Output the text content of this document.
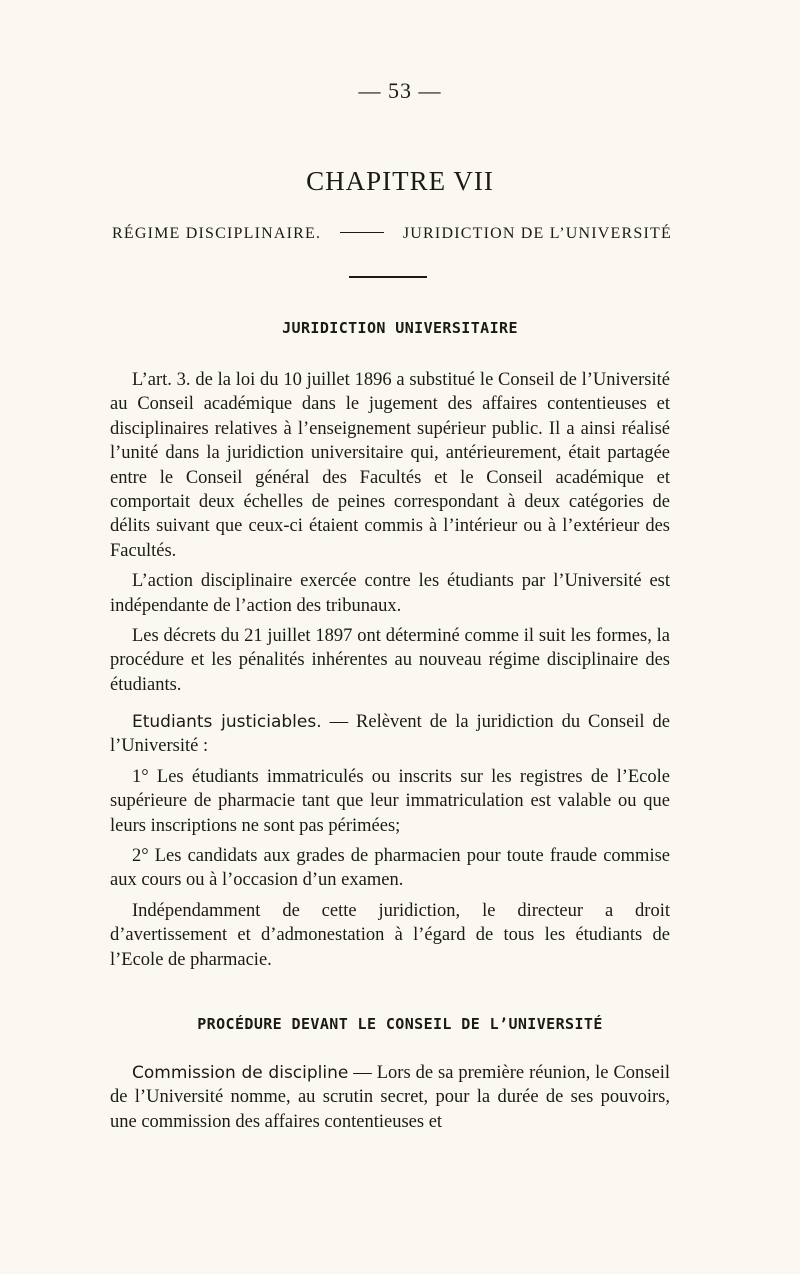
— 53 —
CHAPITRE VII
RÉGIME DISCIPLINAIRE.	JURIDICTION DE L’UNIVERSITÉ
JURIDICTION UNIVERSITAIRE

L’art. 3. de la loi du 10 juillet 1896 a substitué le Conseil de l’Université au Conseil académique dans le jugement des affaires contentieuses et disciplinaires relatives à l’enseignement supérieur public. Il a ainsi réalisé l’unité dans la juridiction universitaire qui, antérieurement, était partagée entre le Conseil général des Facultés et le Conseil académique et comportait deux échelles de peines correspondant à deux catégories de délits suivant que ceux-ci étaient commis à l’intérieur ou à l’extérieur des Facultés.

L’action disciplinaire exercée contre les étudiants par l’Université est indépendante de l’action des tribunaux.

Les décrets du 21 juillet 1897 ont déterminé comme il suit les formes, la procédure et les pénalités inhérentes au nouveau régime disciplinaire des étudiants.

Etudiants justiciables. — Relèvent de la juridiction du Conseil de l’Université :

1° Les étudiants immatriculés ou inscrits sur les registres de l’Ecole supérieure de pharmacie tant que leur immatriculation est valable ou que leurs inscriptions ne sont pas périmées;

2° Les candidats aux grades de pharmacien pour toute fraude commise aux cours ou à l’occasion d’un examen.

Indépendamment de cette juridiction, le directeur a droit d’avertissement et d’admonestation à l’égard de tous les étudiants de l’Ecole de pharmacie.

PROCÉDURE DEVANT LE CONSEIL DE L’UNIVERSITÉ

Commission de discipline — Lors de sa première réunion, le Conseil de l’Université nomme, au scrutin secret, pour la durée de ses pouvoirs, une commission des affaires contentieuses et
